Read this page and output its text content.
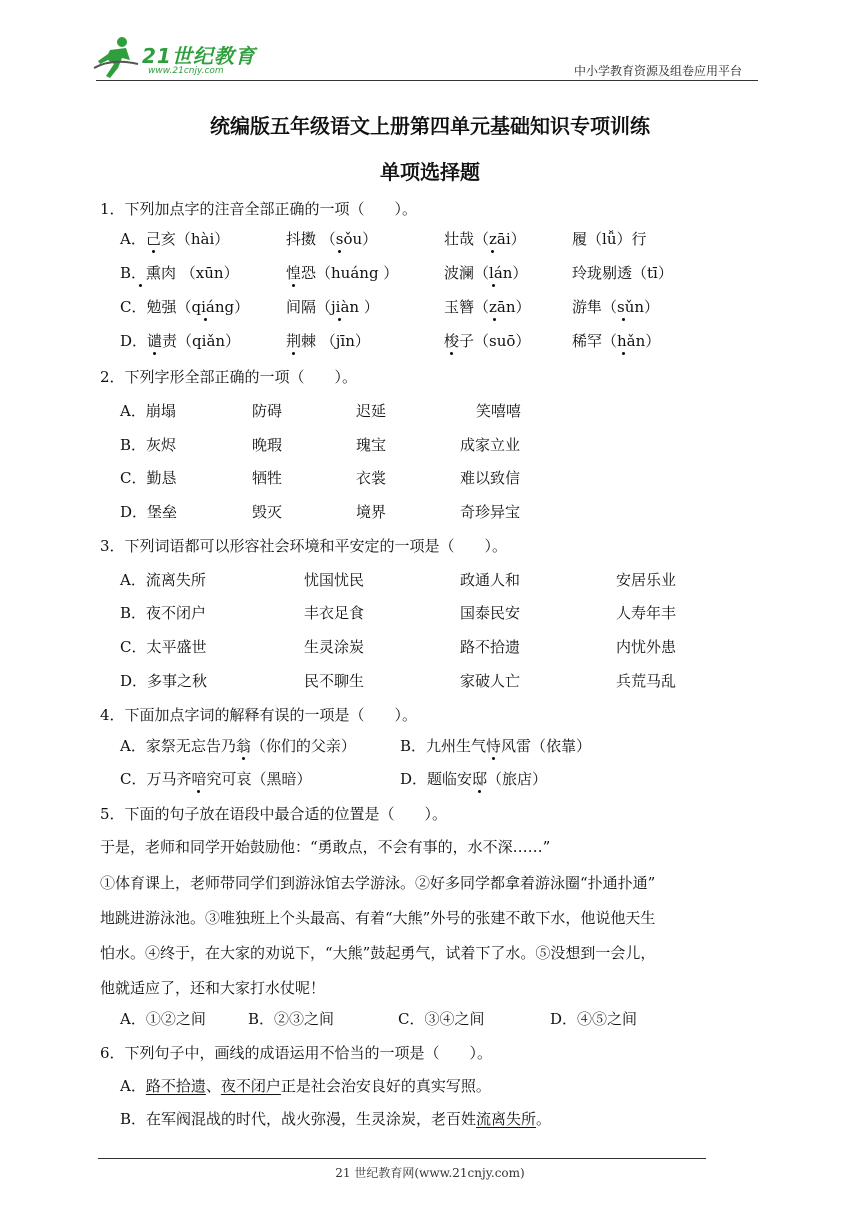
21世纪教育
www.21cnjy.com	中小学教育资源及组卷应用平台
统编版五年级语文上册第四单元基础知识专项训练
单项选择题
1．下列加点字的注音全部正确的一项（　　）。
A．己亥（hài）	抖擞 （sǒu）	壮哉（zāi）	履（lǚ）行
B．熏肉 （xūn）	惶恐（huáng ）	波澜（lán）	玲珑剔透（tī）
C．勉强（qiáng） 间隔（jiàn ）	玉簪（zān）	游隼（sǔn）
D．谴责（qiǎn）	荆棘 （jīn）	梭子（suō）	稀罕（hǎn）
2．下列字形全部正确的一项（　　）。
A．崩塌	防碍	迟延	笑嘻嘻
B．灰烬	晚瑕	瑰宝	成家立业
C．勤恳	牺牲	衣裳	难以致信
D．堡垒	毁灭	境界	奇珍异宝
3．下列词语都可以形容社会环境和平安定的一项是（　　）。
A．流离失所	忧国忧民	政通人和	安居乐业
B．夜不闭户	丰衣足食	国泰民安	人寿年丰
C．太平盛世	生灵涂炭	路不拾遗	内忧外患
D．多事之秋	民不聊生	家破人亡	兵荒马乱
4．下面加点字词的解释有误的一项是（　　）。
A．家祭无忘告乃翁（你们的父亲）	B．九州生气恃风雷（依靠）
C．万马齐喑究可哀（黑暗）	D．题临安邸（旅店）
5．下面的句子放在语段中最合适的位置是（　　）。
于是，老师和同学开始鼓励他：“勇敢点，不会有事的，水不深……”
①体育课上，老师带同学们到游泳馆去学游泳。②好多同学都拿着游泳圈“扑通扑通”
地跳进游泳池。③唯独班上个头最高、有着“大熊”外号的张建不敢下水，他说他天生
怕水。④终于，在大家的劝说下，“大熊”鼓起勇气，试着下了水。⑤没想到一会儿，
他就适应了，还和大家打水仗呢！
A．①②之间	B．②③之间	C．③④之间	D．④⑤之间
6．下列句子中，画线的成语运用不恰当的一项是（　　）。
A．路不拾遗、夜不闭户正是社会治安良好的真实写照。
B．在军阀混战的时代，战火弥漫，生灵涂炭，老百姓流离失所。
21 世纪教育网(www.21cnjy.com)
